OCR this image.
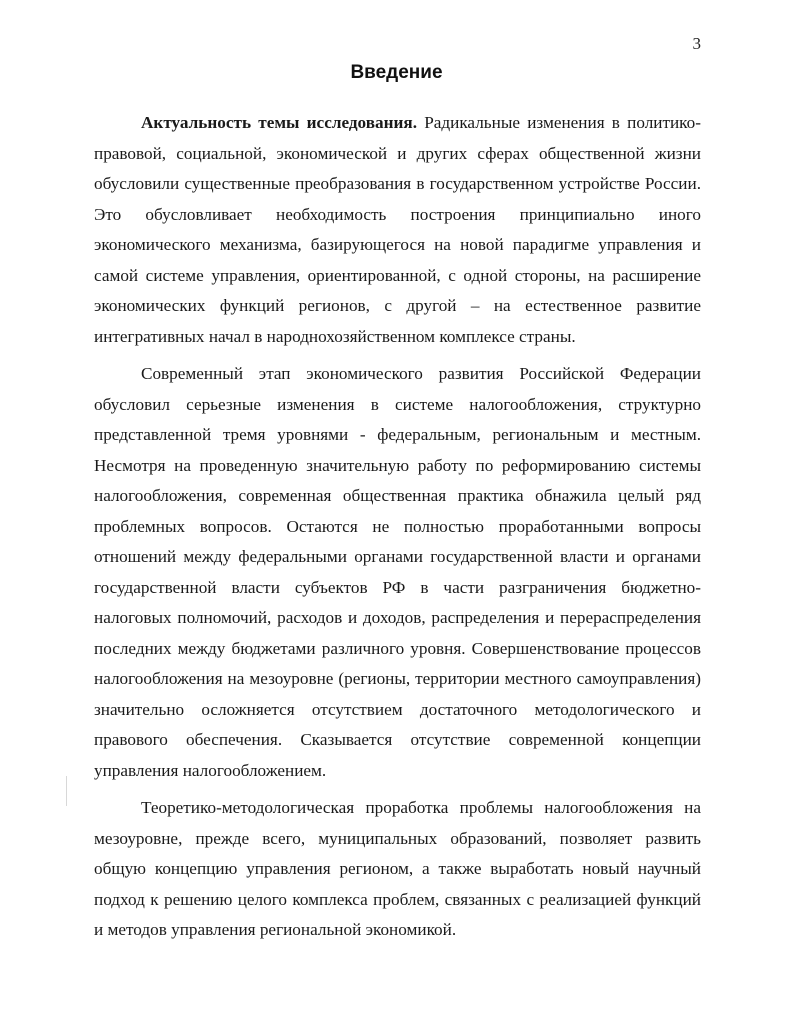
3
Введение

Актуальность темы исследования. Радикальные изменения в политико-правовой, социальной, экономической и других сферах общественной жизни обусловили существенные преобразования в государственном устройстве России. Это обусловливает необходимость построения принципиально иного экономического механизма, базирующегося на новой парадигме управления и самой системе управления, ориентированной, с одной стороны, на расширение экономических функций регионов, с другой – на естественное развитие интегративных начал в народнохозяйственном комплексе страны.

Современный этап экономического развития Российской Федерации обусловил серьезные изменения в системе налогообложения, структурно представленной тремя уровнями - федеральным, региональным и местным. Несмотря на проведенную значительную работу по реформированию системы налогообложения, современная общественная практика обнажила целый ряд проблемных вопросов. Остаются не полностью проработанными вопросы отношений между федеральными органами государственной власти и органами государственной власти субъектов РФ в части разграничения бюджетно-налоговых полномочий, расходов и доходов, распределения и перераспределения последних между бюджетами различного уровня. Совершенствование процессов налогообложения на мезоуровне (регионы, территории местного самоуправления) значительно осложняется отсутствием достаточного методологического и правового обеспечения. Сказывается отсутствие современной концепции управления налогообложением.

Теоретико-методологическая проработка проблемы налогообложения на мезоуровне, прежде всего, муниципальных образований, позволяет развить общую концепцию управления регионом, а также выработать новый научный подход к решению целого комплекса проблем, связанных с реализацией функций и методов управления региональной экономикой.
